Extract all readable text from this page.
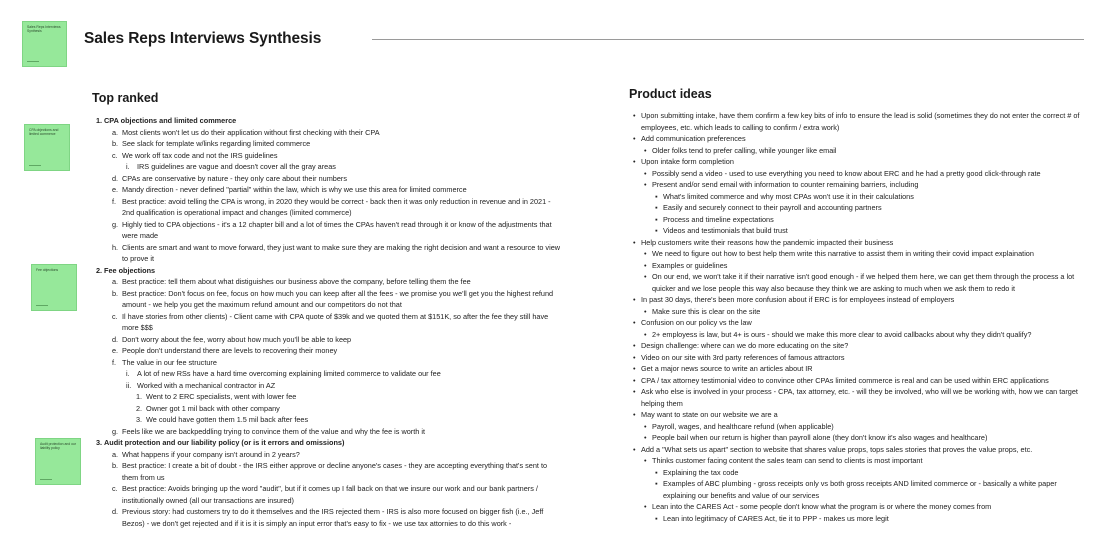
Sales Reps Interviews Synthesis	Sales Reps Interviews Synthesis
CPA objections and limited commerce
Fee objections
Audit protection and our liability policy
Top ranked	Product ideas
1. CPA objections and limited commerce
a. Most clients won't let us do their application without first checking with their CPA
b. See slack for template w/links regarding limited commerce
c. We work off tax code and not the IRS guidelines
i. IRS guidelines are vague and doesn't cover all the gray areas
d. CPAs are conservative by nature - they only care about their numbers
e. Mandy direction - never defined "partial" within the law, which is why we use this area for limited commerce
f. Best practice: avoid telling the CPA is wrong, in 2020 they would be correct - back then it was only reduction in revenue and in 2021 - 2nd qualification is operational impact and changes (limited commerce)
g. Highly tied to CPA objections - it's a 12 chapter bill and a lot of times the CPAs haven't read through it or know of the adjustments that were made
h. Clients are smart and want to move forward, they just want to make sure they are making the right decision and want a resource to view to prove it
2. Fee objections
a. Best practice: tell them about what distiguishes our business above the company, before telling them the fee
b. Best practice: Don't focus on fee, focus on how much you can keep after all the fees - we promise you we'll get you the highest refund amount - we help you get the maximum refund amount and our competitors do not that
c. Il have stories from other clients) - Client came with CPA quote of $39k and we quoted them at $151K, so after the fee they still have more $$$
d. Don't worry about the fee, worry about how much you'll be able to keep
e. People don't understand there are levels to recovering their money
f. The value in our fee structure
i. A lot of new RSs have a hard time overcoming explaining limited commerce to validate our fee
ii. Worked with a mechanical contractor in AZ
1. Went to 2 ERC specialists, went with lower fee
2. Owner got 1 mil back with other company
3. We could have gotten them 1.5 mil back after fees
g. Feels like we are backpeddling trying to convince them of the value and why the fee is worth it
3. Audit protection and our liability policy (or is it errors and omissions)
a. What happens if your company isn't around in 2 years?
b. Best practice: I create a bit of doubt - the IRS either approve or decline anyone's cases - they are accepting everything that's sent to them from us
c. Best practice: Avoids bringing up the word "audit", but if it comes up I fall back on that we insure our work and our bank partners / institutionally owned (all our transactions are insured)
d. Previous story: had customers try to do it themselves and the IRS rejected them - IRS is also more focused on bigger fish (i.e., Jeff Bezos) - we don't get rejected and if it is it is simply an input error that's easy to fix - we use tax attornies to do this work -
• Upon submitting intake, have them confirm a few key bits of info to ensure the lead is solid (sometimes they do not enter the correct # of employees, etc. which leads to calling to confirm / extra work)
• Add communication preferences
• Older folks tend to prefer calling, while younger like email
• Upon intake form completion
• Possibly send a video - used to use everything you need to know about ERC and he had a pretty good click-through rate
• Present and/or send email with information to counter remaining barriers, including
▪ What's limited commerce and why most CPAs won't use it in their calculations
▪ Easily and securely connect to their payroll and accounting partners
▪ Process and timeline expectations
▪ Videos and testimonials that build trust
• Help customers write their reasons how the pandemic impacted their business
• We need to figure out how to best help them write this narrative to assist them in writing their covid impact explaination
• Examples or guidelines
• On our end, we won't take it if their narrative isn't good enough - if we helped them here, we can get them through the process a lot quicker and we lose people this way also because they think we are asking to much when we ask them to redo it
• In past 30 days, there's been more confusion about if ERC is for employees instead of employers
• Make sure this is clear on the site
• Confusion on our policy vs the law
• 2+ employess is law, but 4+ is ours - should we make this more clear to avoid callbacks about why they didn't qualify?
• Design challenge: where can we do more educating on the site?
• Video on our site with 3rd party references of famous attractors
• Get a major news source to write an articles about IR
• CPA / tax attorney testimonial video to convince other CPAs limited commerce is real and can be used within ERC applications
• Ask who else is involved in your process - CPA, tax attorney, etc. - will they be involved, who will we be working with, how we can target helping them
• May want to state on our website we are a
• Payroll, wages, and healthcare refund (when applicable)
• People bail when our return is higher than payroll alone (they don't know it's also wages and healthcare)
• Add a "What sets us apart" section to website that shares value props, tops sales stories that proves the value props, etc.
• Thinks customer facing content the sales team can send to clients is most important
▪ Explaining the tax code
▪ Examples of ABC plumbing - gross receipts only vs both gross receipts AND limited commerce or - basically a white paper explaining our benefits and value of our services
• Lean into the CARES Act - some people don't know what the program is or where the money comes from
▪ Lean into legitimacy of CARES Act, tie it to PPP - makes us more legit
